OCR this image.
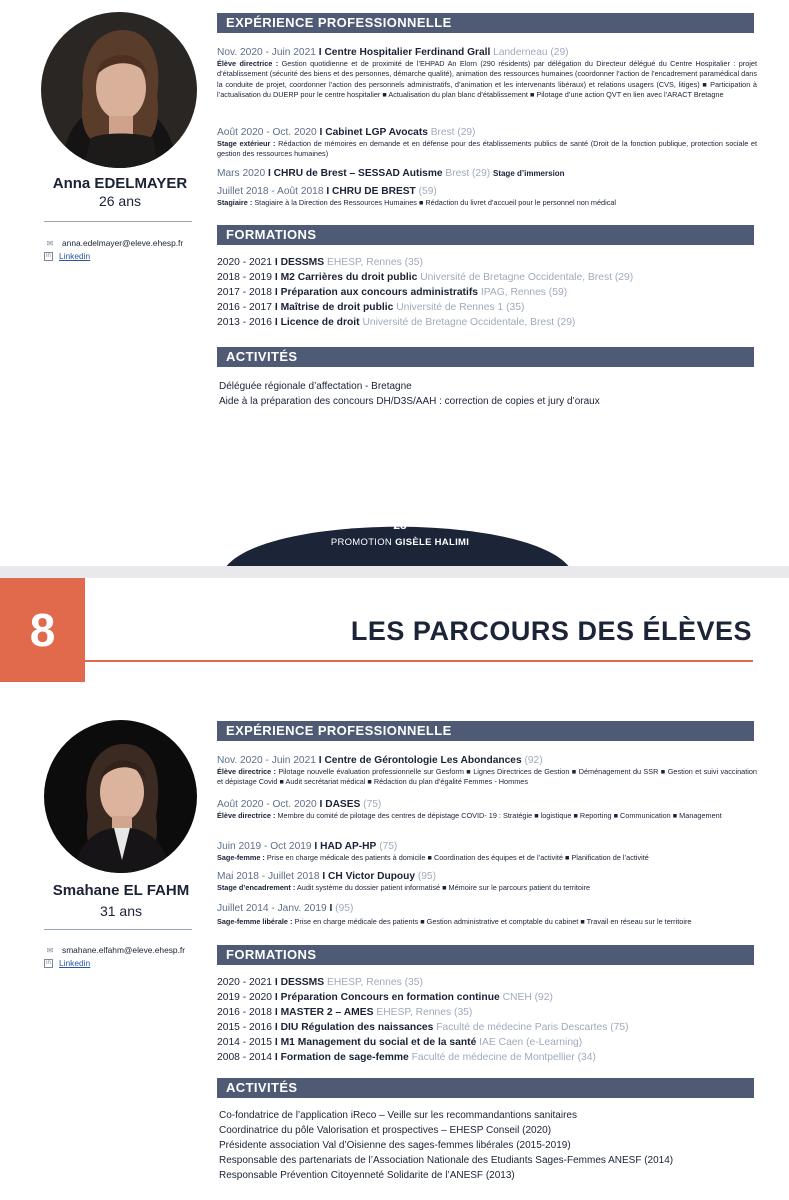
Anna EDELMAYER
26 ans
✉	anna.edelmayer@eleve.ehesp.fr
in Linkedin
EXPÉRIENCE PROFESSIONNELLE
Nov. 2020 - Juin 2021 I Centre Hospitalier Ferdinand Grall Landerneau (29)
Élève directrice : Gestion quotidienne et de proximité de l’EHPAD An Elorn (290 résidents) par délégation du Directeur délégué du Centre Hospitalier : projet d’établissement (sécurité des biens et des personnes, démarche qualité), animation des ressources humaines (coordonner l’action de l’encadrement paramédical dans la conduite de projet, coordonner l’action des personnels administratifs, d’animation et les intervenants libéraux) et relations usagers (CVS, litiges) ■ Participation à l’actualisation du DUERP pour le centre hospitalier ■ Actualisation du plan blanc d’établissement ■ Pilotage d’une action QVT en lien avec l’ARACT Bretagne
Août 2020 - Oct. 2020 I Cabinet LGP Avocats Brest (29)
Stage extérieur : Rédaction de mémoires en demande et en défense pour des établissements publics de santé (Droit de la fonction publique, protection sociale et gestion des ressources humaines)
Mars 2020 I CHRU de Brest – SESSAD Autisme Brest (29) Stage d’immersion
Juillet 2018 - Août 2018 I CHRU DE BREST (59)
Stagiaire : Stagiaire à la Direction des Ressources Humaines ■ Rédaction du livret d’accueil pour le personnel non médical
FORMATIONS
2020 - 2021 I DESSMS EHESP, Rennes (35)
2018 - 2019 I M2 Carrières du droit public Université de Bretagne Occidentale, Brest (29)
2017 - 2018 I Préparation aux concours administratifs IPAG, Rennes (59)
2016 - 2017 I Maîtrise de droit public Université de Rennes 1 (35)
2013 - 2016 I Licence de droit Université de Bretagne Occidentale, Brest (29)
ACTIVITÉS
Déléguée régionale d’affectation - Bretagne
Aide à la préparation des concours DH/D3S/AAH : correction de copies et jury d’oraux
28
PROMOTION GISÈLE HALIMI
8	LES PARCOURS DES ÉLÈVES
Smahane EL FAHM
31 ans
✉	smahane.elfahm@eleve.ehesp.fr
in Linkedin
EXPÉRIENCE PROFESSIONNELLE
Nov. 2020 - Juin 2021 I Centre de Gérontologie Les Abondances (92)
Élève directrice : Pilotage nouvelle évaluation professionnelle sur Gesform ■ Lignes Directrices de Gestion ■ Déménagement du SSR ■ Gestion et suivi vaccination et dépistage Covid ■ Audit secrétariat médical ■ Rédaction du plan d’égalité Femmes - Hommes
Août 2020 - Oct. 2020 I DASES (75)
Élève directrice : Membre du comité de pilotage des centres de dépistage COVID- 19 : Stratégie ■ logistique ■ Reporting ■ Communication ■ Management
Juin 2019 - Oct 2019 I HAD AP-HP (75)
Sage-femme : Prise en charge médicale des patients à domicile ■ Coordination des équipes et de l’activité ■ Planification de l’activité
Mai 2018 - Juillet 2018 I CH Victor Dupouy (95)
Stage d’encadrement : Audit système du dossier patient informatisé ■ Mémoire sur le parcours patient du territoire
Juillet 2014 - Janv. 2019 I (95)
Sage-femme libérale : Prise en charge médicale des patients ■ Gestion administrative et comptable du cabinet ■ Travail en réseau sur le territoire
FORMATIONS
2020 - 2021 I DESSMS EHESP, Rennes (35)
2019 - 2020 I Préparation Concours en formation continue CNEH (92)
2016 - 2018 I MASTER 2 – AMES EHESP, Rennes (35)
2015 - 2016 I DIU Régulation des naissances Faculté de médecine Paris Descartes (75)
2014 - 2015 I M1 Management du social et de la santé IAE Caen (e-Learning)
2008 - 2014 I Formation de sage-femme Faculté de médecine de Montpellier (34)
ACTIVITÉS
Co-fondatrice de l’application iReco – Veille sur les recommandantions sanitaires
Coordinatrice du pôle Valorisation et prospectives – EHESP Conseil (2020)
Présidente association Val d’Oisienne des sages-femmes libérales (2015-2019)
Responsable des partenariats de l’Association Nationale des Etudiants Sages-Femmes ANESF (2014)
Responsable Prévention Citoyenneté Solidarite de l’ANESF (2013)
